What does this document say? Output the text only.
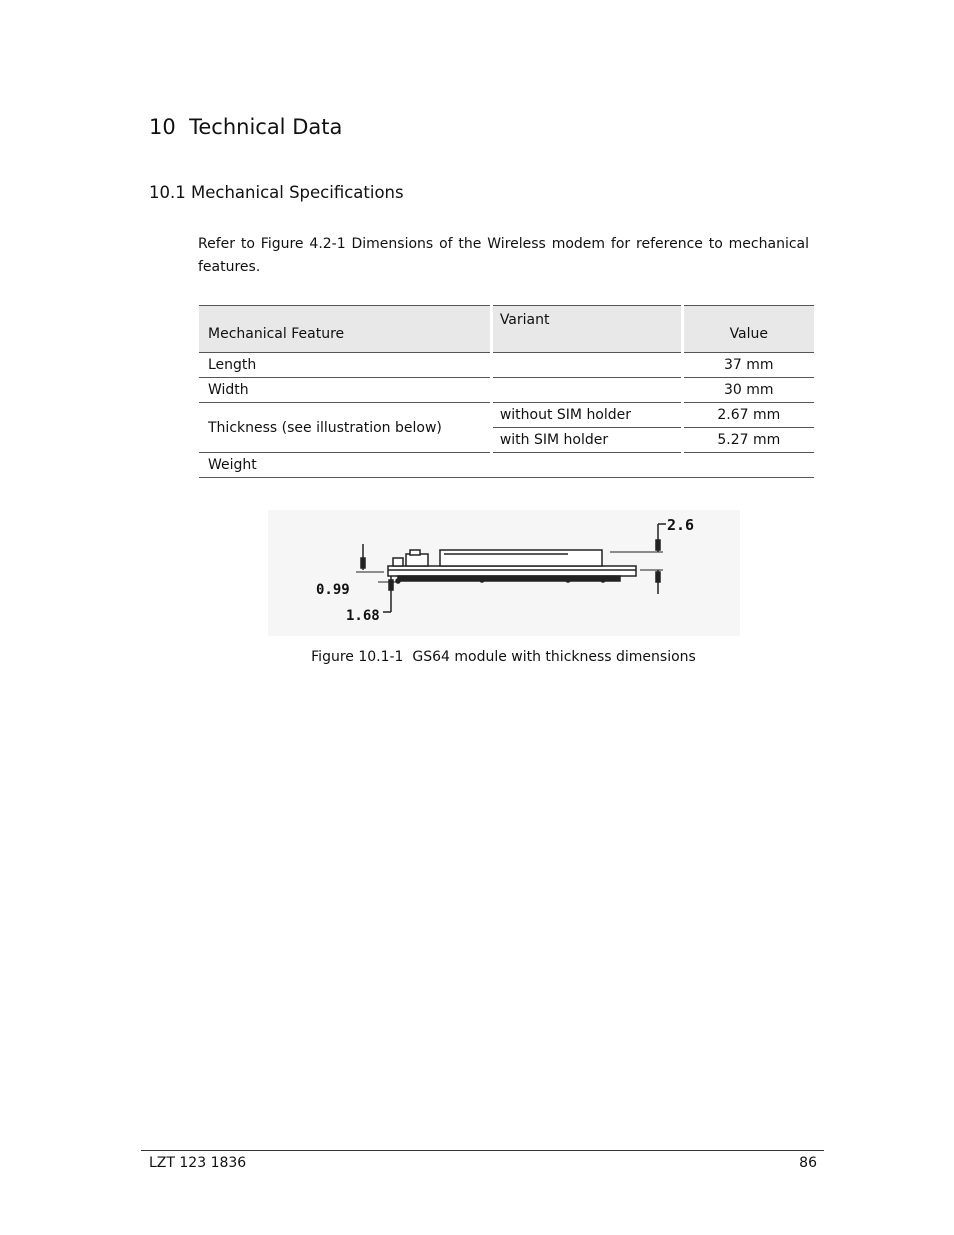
10 Technical Data
10.1 Mechanical Specifications
Refer to Figure 4.2-1 Dimensions of the Wireless modem for reference to mechanical features.
Mechanical Feature		Variant		Value
Length				37 mm
Width				30 mm
Thickness (see illustration below)		without SIM holder		2.67 mm
		with SIM holder		5.27 mm
Weight				
2.6
0.99
1.68
Figure 10.1-1  GS64 module with thickness dimensions
LZT 123 1836	86
